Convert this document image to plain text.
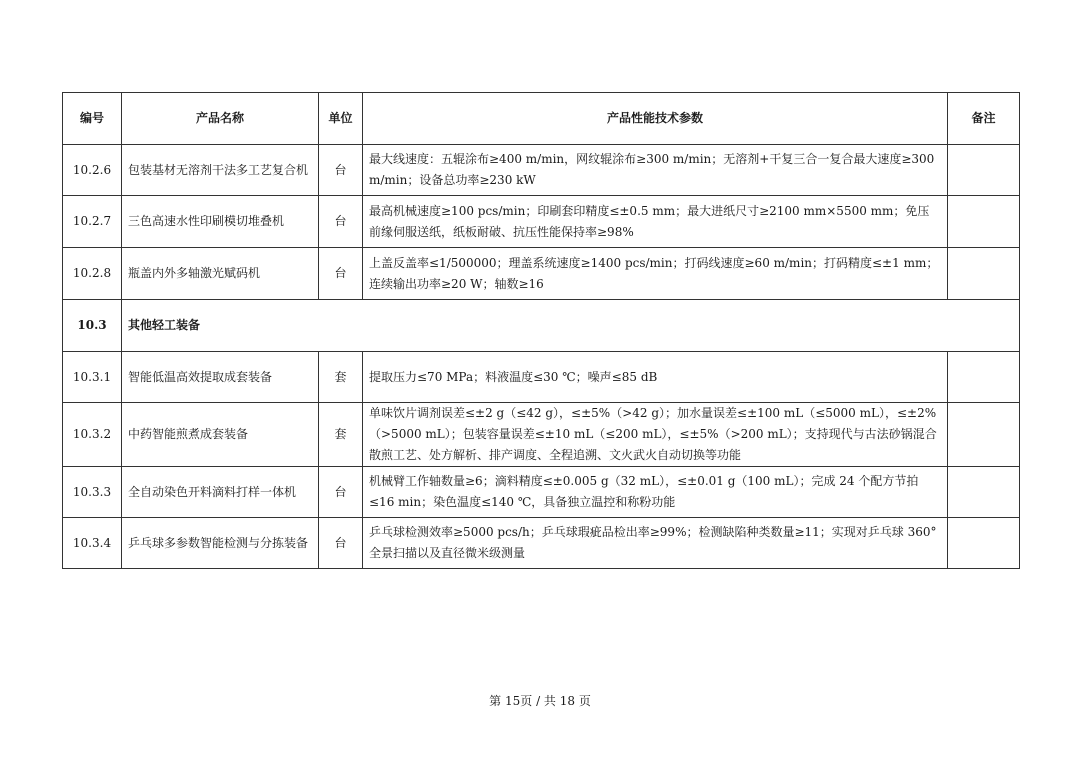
编号	产品名称	单位	产品性能技术参数	备注
10.2.6	包装基材无溶剂干法多工艺复合机	台	最大线速度：五辊涂布≥400 m/min，网纹辊涂布≥300 m/min；无溶剂+干复三合一复合最大速度≥300 m/min；设备总功率≥230 kW	
10.2.7	三色高速水性印刷模切堆叠机	台	最高机械速度≥100 pcs/min；印刷套印精度≤±0.5 mm；最大进纸尺寸≥2100 mm×5500 mm；免压前缘伺服送纸，纸板耐破、抗压性能保持率≥98%	
10.2.8	瓶盖内外多轴激光赋码机	台	上盖反盖率≤1/500000；理盖系统速度≥1400 pcs/min；打码线速度≥60 m/min；打码精度≤±1 mm；连续输出功率≥20 W；轴数≥16	
10.3	其他轻工装备			
10.3.1	智能低温高效提取成套装备	套	提取压力≤70 MPa；料液温度≤30 ℃；噪声≤85 dB	
10.3.2	中药智能煎煮成套装备	套	单味饮片调剂误差≤±2 g（≤42 g），≤±5%（>42 g）；加水量误差≤±100 mL（≤5000 mL），≤±2%（>5000 mL）；包装容量误差≤±10 mL（≤200 mL），≤±5%（>200 mL）；支持现代与古法砂锅混合散煎工艺、处方解析、排产调度、全程追溯、文火武火自动切换等功能	
10.3.3	全自动染色开料滴料打样一体机	台	机械臂工作轴数量≥6；滴料精度≤±0.005 g（32 mL），≤±0.01 g（100 mL）；完成 24 个配方节拍≤16 min；染色温度≤140 ℃，具备独立温控和称粉功能	
10.3.4	乒乓球多参数智能检测与分拣装备	台	乒乓球检测效率≥5000 pcs/h；乒乓球瑕疵品检出率≥99%；检测缺陷种类数量≥11；实现对乒乓球 360° 全景扫描以及直径微米级测量	
第 15页 / 共 18 页
